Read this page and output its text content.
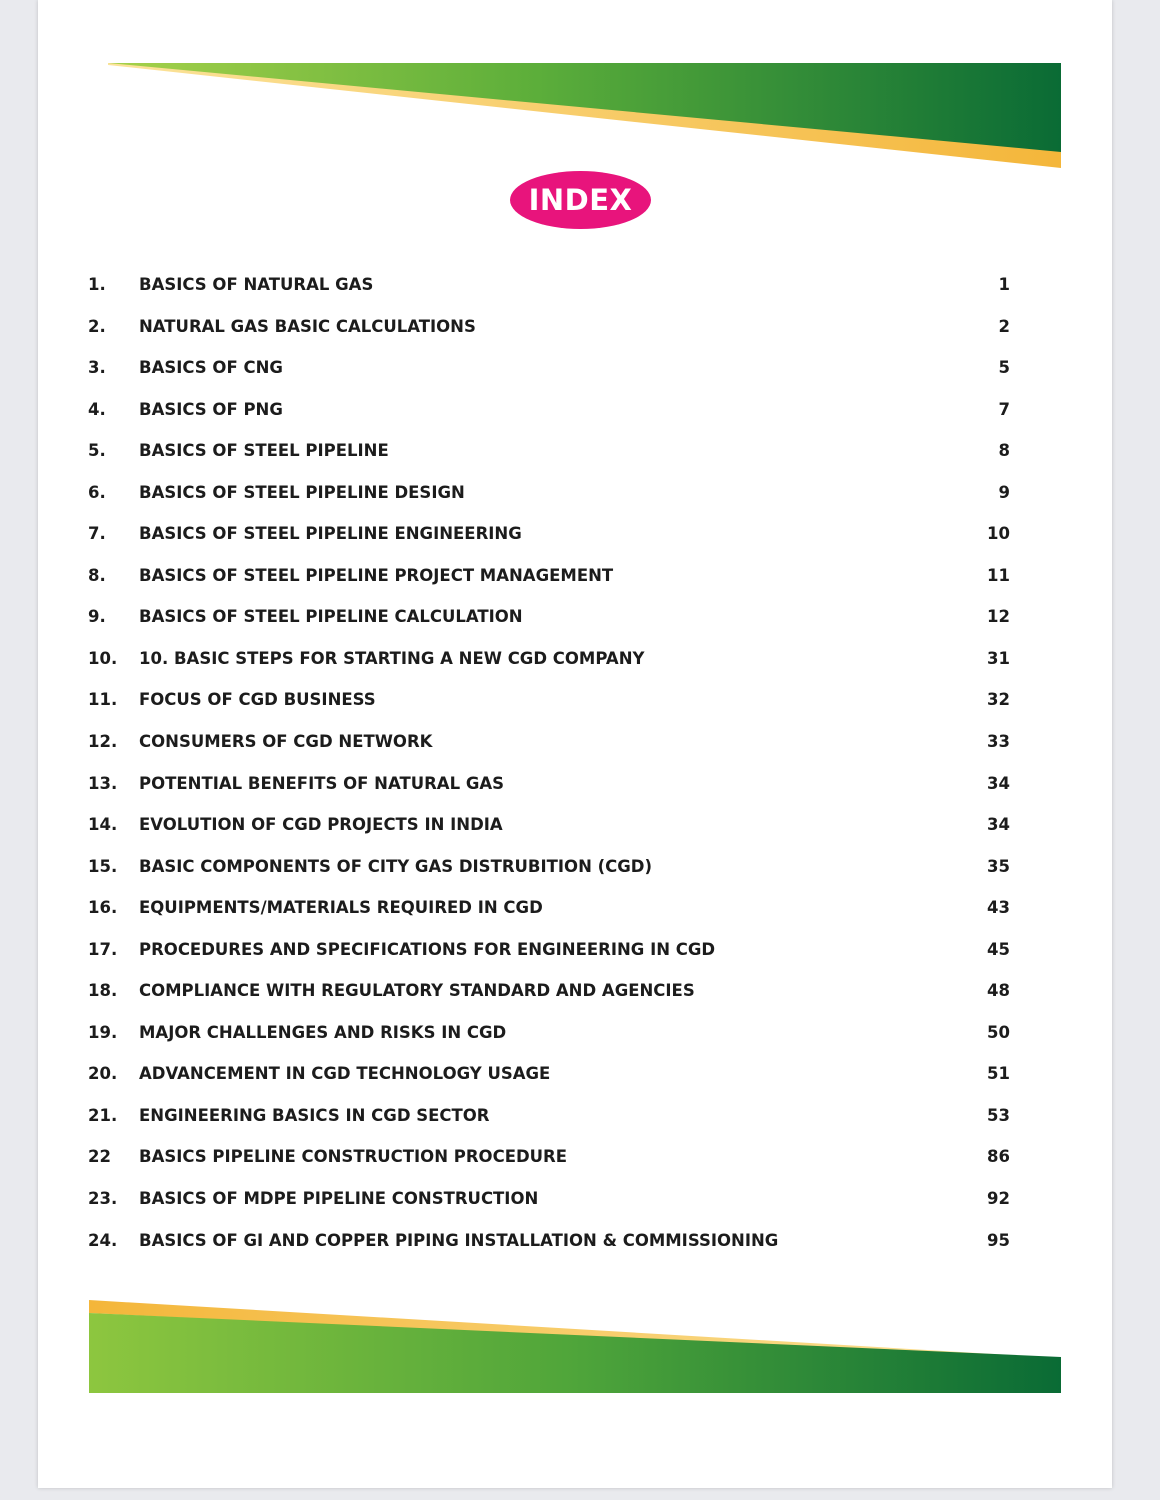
INDEX
1. BASICS OF NATURAL GAS	1
2. NATURAL GAS BASIC CALCULATIONS	2
3. BASICS OF CNG	5
4. BASICS OF PNG	7
5. BASICS OF STEEL PIPELINE	8
6. BASICS OF STEEL PIPELINE DESIGN	9
7. BASICS OF STEEL PIPELINE ENGINEERING	10
8. BASICS OF STEEL PIPELINE PROJECT MANAGEMENT	11
9. BASICS OF STEEL PIPELINE CALCULATION	12
10. 10. BASIC STEPS FOR STARTING A NEW CGD COMPANY	31
11. FOCUS OF CGD BUSINESS	32
12. CONSUMERS OF CGD NETWORK	33
13. POTENTIAL BENEFITS OF NATURAL GAS	34
14. EVOLUTION OF CGD PROJECTS IN INDIA	34
15. BASIC COMPONENTS OF CITY GAS DISTRUBITION (CGD)	35
16. EQUIPMENTS/MATERIALS REQUIRED IN CGD	43
17. PROCEDURES AND SPECIFICATIONS FOR ENGINEERING IN CGD	45
18. COMPLIANCE WITH REGULATORY STANDARD AND AGENCIES	48
19. MAJOR CHALLENGES AND RISKS IN CGD	50
20. ADVANCEMENT IN CGD TECHNOLOGY USAGE	51
21. ENGINEERING BASICS IN CGD SECTOR	53
22 BASICS PIPELINE CONSTRUCTION PROCEDURE	86
23. BASICS OF MDPE PIPELINE CONSTRUCTION	92
24. BASICS OF GI AND COPPER PIPING INSTALLATION & COMMISSIONING	95
